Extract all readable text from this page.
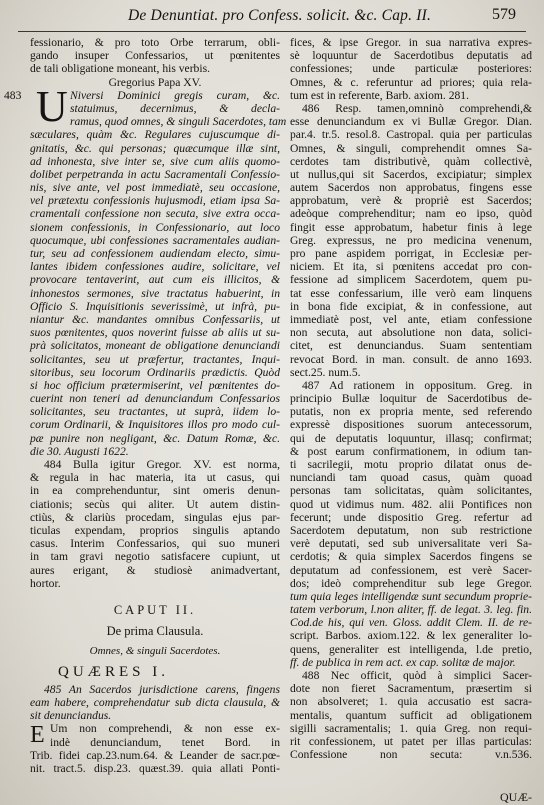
De Denuntiat. pro Confess. solicit. &c. Cap. II.	579
fessionario, & pro toto Orbe terrarum, obli-
gando insuper Confessarios, ut pœnitentes
de tali obligatione moneant, his verbis.
Gregorius Papa XV.
483 U Niversi Dominici gregis curam, &c.
statuimus, decernimus, & decla-
ramus, quod omnes, & singuli Sacerdotes, tam
sæculares, quàm &c. Regulares cujuscumque di-
gnitatis, &c. qui personas; quæcumque illæ sint,
ad inhonesta, sive inter se, sive cum aliis quomo-
dolibet perpetranda in actu Sacramentali Confessio-
nis, sive ante, vel post immediatè, seu occasione,
vel prætextu confessionis hujusmodi, etiam ipsa Sa-
cramentali confessione non secuta, sive extra occa-
sionem confessionis, in Confessionario, aut loco
quocumque, ubi confessiones sacramentales audian-
tur, seu ad confessionem audiendam electo, simu-
lantes ibidem confessiones audire, solicitare, vel
provocare tentaverint, aut cum eis illicitos, &
inhonestos sermones, sive tractatus habuerint, in
Officio S. Inquisitionis severissimè, ut infrà, pu-
niantur &c. mandantes omnibus Confessariis, ut
suos pœnitentes, quos noverint fuisse ab aliis ut su-
prà solicitatos, moneant de obligatione denunciandi
solicitantes, seu ut præfertur, tractantes, Inqui-
sitoribus, seu locorum Ordinariis prædictis. Quòd
si hoc officium prætermiserint, vel pœnitentes do-
cuerint non teneri ad denunciandum Confessarios
solicitantes, seu tractantes, ut suprà, iidem lo-
corum Ordinarii, & Inquisitores illos pro modo cul-
pæ punire non negligant, &c. Datum Romæ, &c.
die 30. Augusti 1622.
484 Bulla igitur Gregor. XV. est norma,
& regula in hac materia, ita ut casus, qui
in ea comprehenduntur, sint omeris denun-
ciationis; secùs qui aliter. Ut autem distin-
ctiùs, & clariùs procedam, singulas ejus par-
ticulas expendam, proprios singulis aptando
casus. Interim Confessarios, qui suo muneri
in tam gravi negotio satisfacere cupiunt, ut
aures erigant, & studiosè animadvertant,
hortor.
CAPUT II.
De prima Clausula.
Omnes, & singuli Sacerdotes.
QUÆRES I.
485 An Sacerdos jurisdictione carens, fingens
eam habere, comprehendatur sub dicta clausula, &
sit denunciandus.
E Um non comprehendi, & non esse ex-
indè denunciandum, tenet Bord. in
Trib. fidei cap.23.num.64. & Leander de sacr.pœ-
nit. tract.5. disp.23. quæst.39. quia allati Ponti-
fices, & ipse Gregor. in sua narrativa expres-
sè loquuntur de Sacerdotibus deputatis ad
confessiones; unde particulæ posteriores:
Omnes, & c. referuntur ad priores; quia rela-
tum est in referente, Barb. axiom. 281.
486 Resp. tamen,omninò comprehendi,&
esse denunciandum ex vi Bullæ Gregor. Dian.
par.4. tr.5. resol.8. Castropal. quia per particulas
Omnes, & singuli, comprehendit omnes Sa-
cerdotes tam distributivè, quàm collectivè,
ut nullus,qui sit Sacerdos, excipiatur; simplex
autem Sacerdos non approbatus, fingens esse
approbatum, verè & propriè est Sacerdos;
adeòque comprehenditur; nam eo ipso, quòd
fingit esse approbatum, habetur finis à lege
Greg. expressus, ne pro medicina venenum,
pro pane aspidem porrigat, in Ecclesiæ per-
niciem. Et ita, si pœnitens accedat pro con-
fessione ad simplicem Sacerdotem, quem pu-
tat esse confessarium, ille verò eam linquens
in bona fide excipiat, & in confessione, aut
immediatè post, vel ante, etiam confessione
non secuta, aut absolutione non data, solici-
citet, est denunciandus. Suam sententiam
revocat Bord. in man. consult. de anno 1693.
sect.25. num.5.
487 Ad rationem in oppositum. Greg. in
principio Bullæ loquitur de Sacerdotibus de-
putatis, non ex propria mente, sed referendo
expressè dispositiones suorum antecessorum,
qui de deputatis loquuntur, illasq; confirmat;
& post earum confirmationem, in odium tan-
ti sacrilegii, motu proprio dilatat onus de-
nunciandi tam quoad casus, quàm quoad
personas tam solicitatas, quàm solicitantes,
quod ut vidimus num. 482. alii Pontifices non
fecerunt; unde dispositio Greg. refertur ad
Sacerdotem deputatum, non sub restrictione
verè deputati, sed sub universalitate veri Sa-
cerdotis; & quia simplex Sacerdos fingens se
deputatum ad confessionem, est verè Sacer-
dos; ideò comprehenditur sub lege Gregor.
tum quia leges intelligendæ sunt secundum proprie-
tatem verborum, l.non aliter, ff. de legat. 3. leg. fin.
Cod.de his, qui ven. Gloss. addit Clem. II. de re-
script. Barbos. axiom.122. & lex generaliter lo-
quens, generaliter est intelligenda, l.de pretio,
ff. de publica in rem act. ex cap. solitæ de major.
488 Nec officit, quòd à simplici Sacer-
dote non fieret Sacramentum, præsertim si
non absolveret; 1. quia accusatio est sacra-
mentalis, quantum sufficit ad obligationem
sigilli sacramentalis; 1. quia Greg. non requi-
rit confessionem, ut patet per illas particulas:
Confessione non secuta: v.n.536.
QUÆ-
